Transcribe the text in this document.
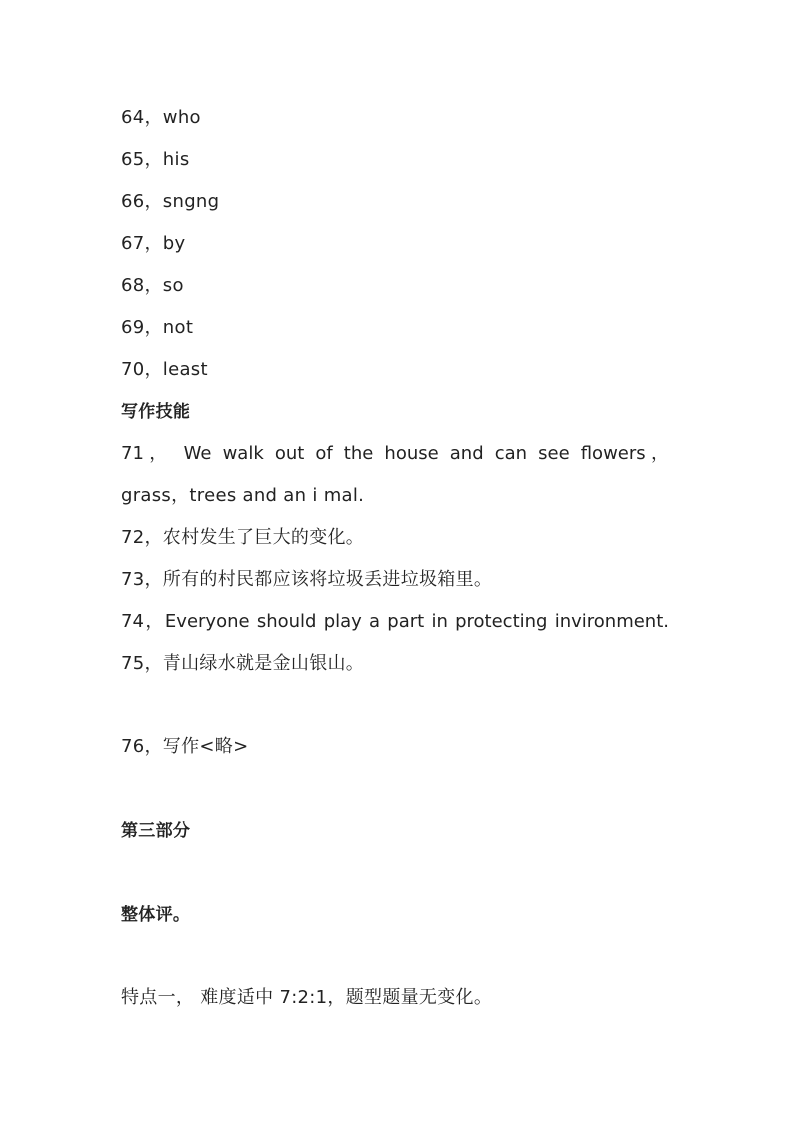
64，who
65，his
66，sngng
67，by
68，so
69，not
70，least
写作技能
71， We walk out of the house and can see flowers，
grass，trees and an i mal.
72，农村发生了巨大的变化。
73，所有的村民都应该将垃圾丢进垃圾箱里。
74，Everyone should play a part in protecting invironment.
75，青山绿水就是金山银山。
76，写作<略>
第三部分
整体评。
特点一， 难度适中 7:2:1，题型题量无变化。
